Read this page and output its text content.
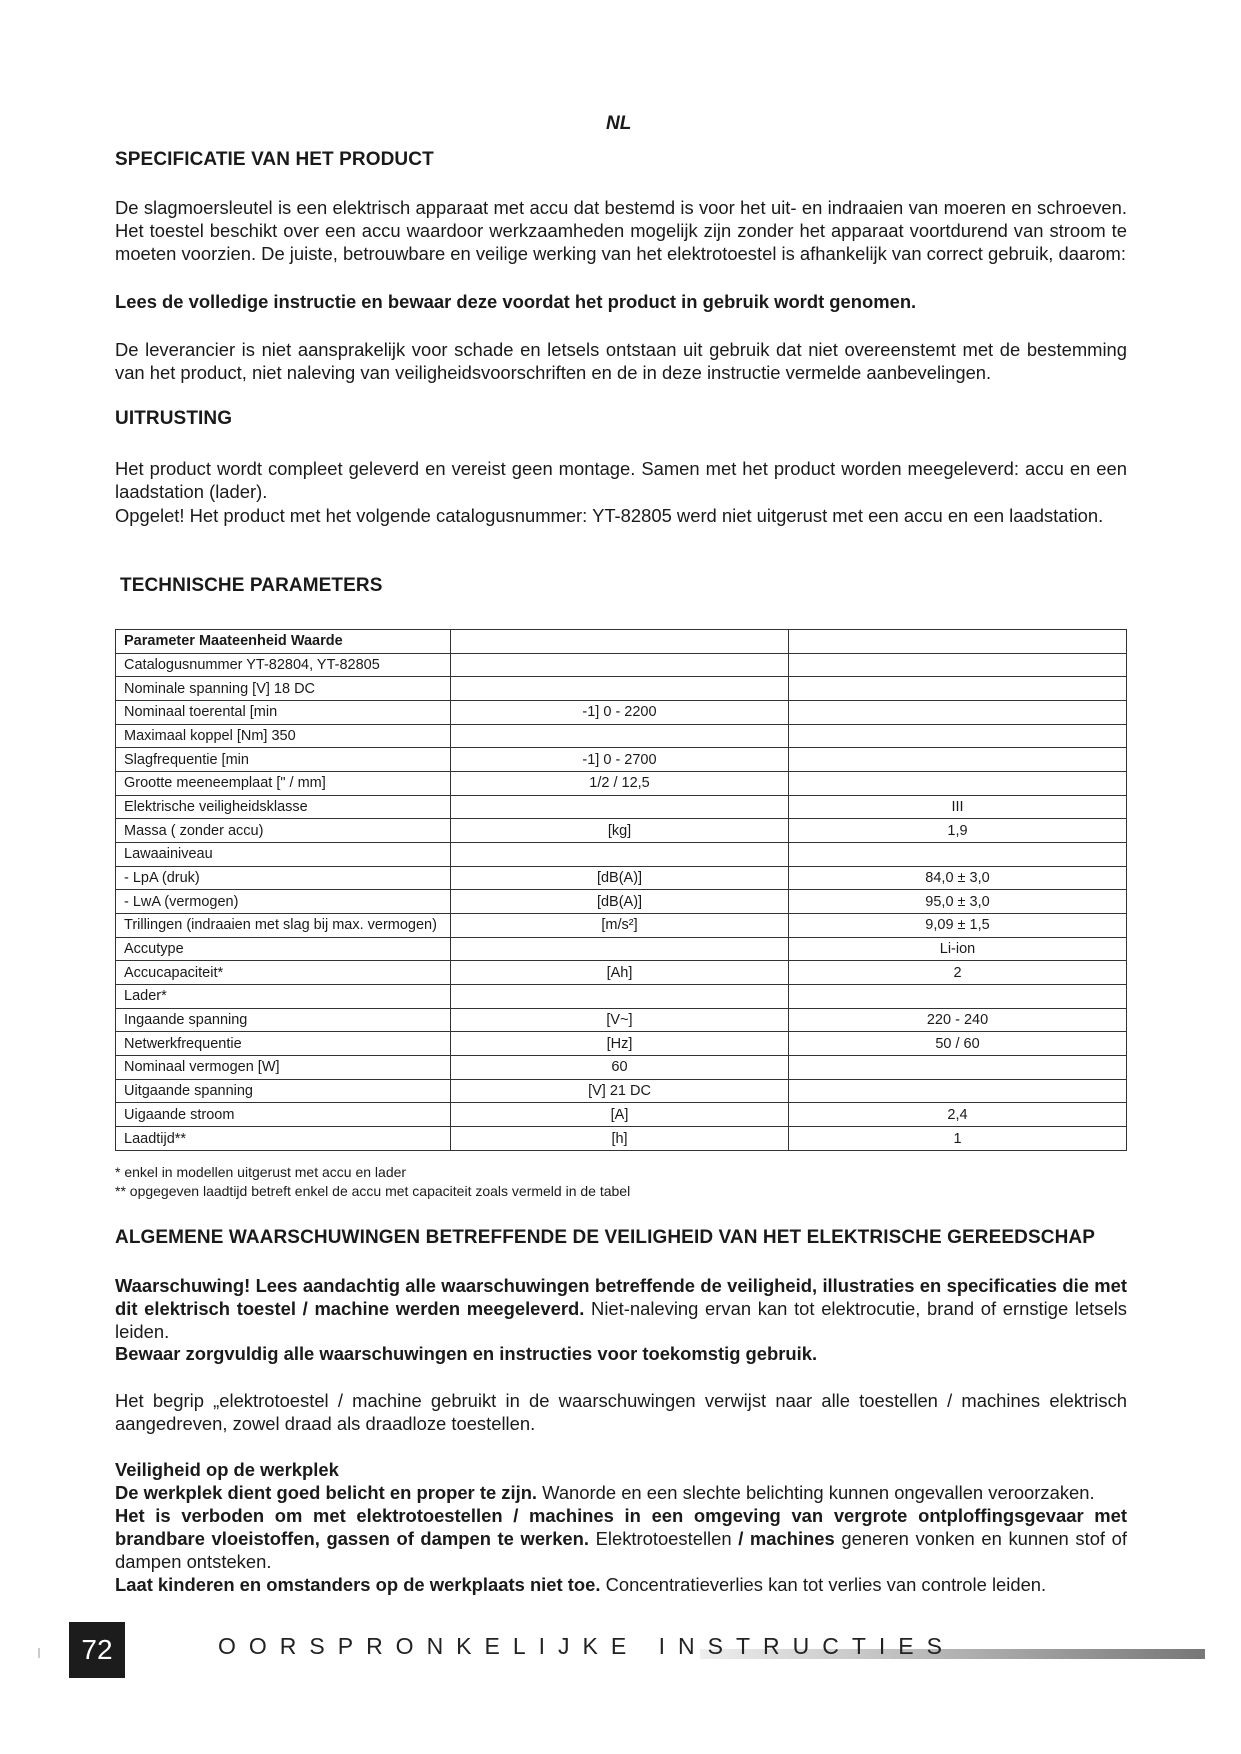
NL
SPECIFICATIE VAN HET PRODUCT
De slagmoersleutel is een elektrisch apparaat met accu dat bestemd is voor het uit- en indraaien van moeren en schroeven. Het toestel beschikt over een accu waardoor werkzaamheden mogelijk zijn zonder het apparaat voortdurend van stroom te moeten voorzien. De juiste, betrouwbare en veilige werking van het elektrotoestel is afhankelijk van correct gebruik, daarom:
Lees de volledige instructie en bewaar deze voordat het product in gebruik wordt genomen.
De leverancier is niet aansprakelijk voor schade en letsels ontstaan uit gebruik dat niet overeenstemt met de bestemming van het product, niet naleving van veiligheidsvoorschriften en de in deze instructie vermelde aanbevelingen.
UITRUSTING
Het product wordt compleet geleverd en vereist geen montage. Samen met het product worden meegeleverd: accu en een laadstation (lader).
Opgelet! Het product met het volgende catalogusnummer: YT-82805 werd niet uitgerust met een accu en een laadstation.
TECHNISCHE PARAMETERS
Parameter Maateenheid Waarde		
Catalogusnummer YT-82804, YT-82805		
Nominale spanning [V] 18 DC		
Nominaal toerental [min	-1] 0 - 2200	
Maximaal koppel [Nm] 350		
Slagfrequentie [min	-1] 0 - 2700	
Grootte meeneemplaat [" / mm]	1/2 / 12,5	
Elektrische veiligheidsklasse		III
Massa ( zonder accu)	[kg]	1,9
Lawaainiveau		
- LpA (druk)	[dB(A)]	84,0 ± 3,0
- LwA (vermogen)	[dB(A)]	95,0 ± 3,0
Trillingen (indraaien met slag bij max. vermogen)	[m/s²]	9,09 ± 1,5
Accutype		Li-ion
Accucapaciteit*	[Ah]	2
Lader*		
Ingaande spanning	[V~]	220 - 240
Netwerkfrequentie	[Hz]	50 / 60
Nominaal vermogen [W]	60	
Uitgaande spanning	[V] 21 DC	
Uigaande stroom	[A]	2,4
Laadtijd**	[h]	1
* enkel in modellen uitgerust met accu en lader
** opgegeven laadtijd betreft enkel de accu met capaciteit zoals vermeld in de tabel
ALGEMENE WAARSCHUWINGEN BETREFFENDE DE VEILIGHEID VAN HET ELEKTRISCHE GEREEDSCHAP
Waarschuwing! Lees aandachtig alle waarschuwingen betreffende de veiligheid, illustraties en specificaties die met dit elektrisch toestel / machine werden meegeleverd. Niet-naleving ervan kan tot elektrocutie, brand of ernstige letsels leiden.
Bewaar zorgvuldig alle waarschuwingen en instructies voor toekomstig gebruik.
Het begrip „elektrotoestel / machine gebruikt in de waarschuwingen verwijst naar alle toestellen / machines elektrisch aangedreven, zowel draad als draadloze toestellen.
Veiligheid op de werkplek
De werkplek dient goed belicht en proper te zijn. Wanorde en een slechte belichting kunnen ongevallen veroorzaken.
Het is verboden om met elektrotoestellen / machines in een omgeving van vergrote ontploffingsgevaar met brandbare vloeistoffen, gassen of dampen te werken. Elektrotoestellen / machines generen vonken en kunnen stof of dampen ontsteken.
Laat kinderen en omstanders op de werkplaats niet toe. Concentratieverlies kan tot verlies van controle leiden.
72	OORSPRONKELIJKE INSTRUCTIES
